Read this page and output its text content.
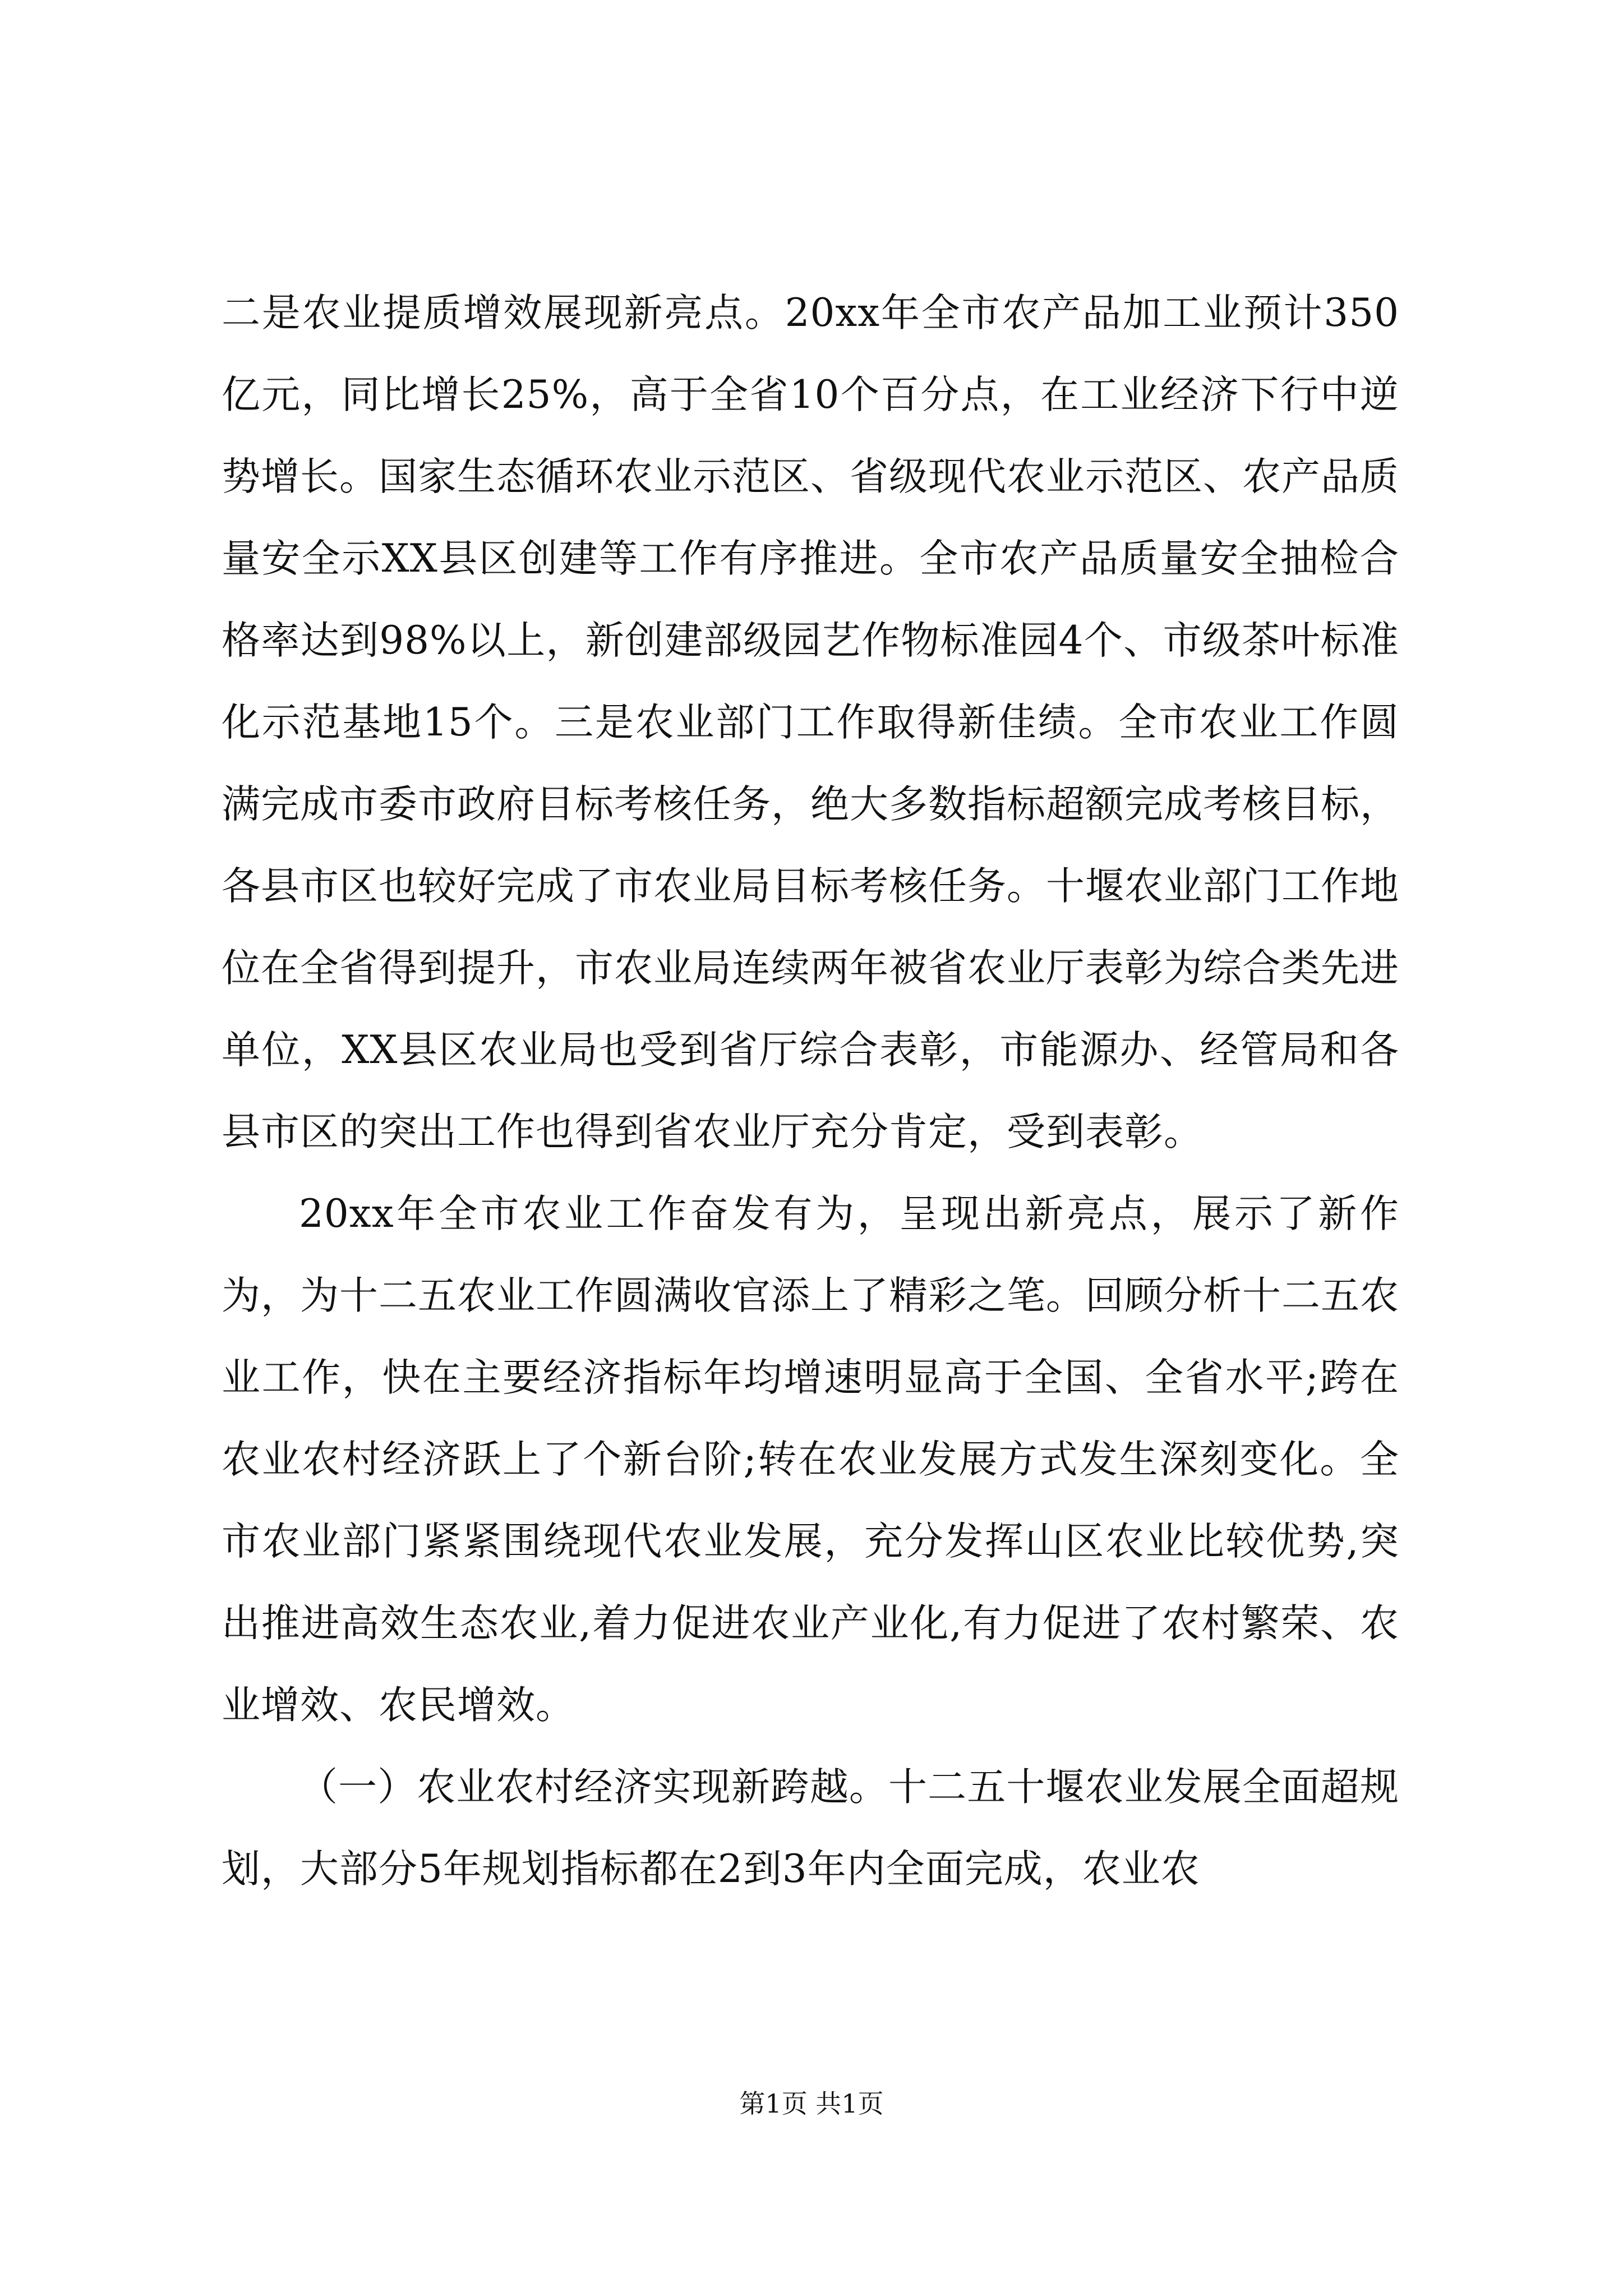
二是农业提质增效展现新亮点。20xx年全市农产品加工业预计350亿元，同比增长25%，高于全省10个百分点，在工业经济下行中逆势增长。国家生态循环农业示范区、省级现代农业示范区、农产品质量安全示XX县区创建等工作有序推进。全市农产品质量安全抽检合格率达到98%以上，新创建部级园艺作物标准园4个、市级茶叶标准化示范基地15个。三是农业部门工作取得新佳绩。全市农业工作圆满完成市委市政府目标考核任务，绝大多数指标超额完成考核目标，各县市区也较好完成了市农业局目标考核任务。十堰农业部门工作地位在全省得到提升，市农业局连续两年被省农业厅表彰为综合类先进单位，XX县区农业局也受到省厅综合表彰，市能源办、经管局和各县市区的突出工作也得到省农业厅充分肯定，受到表彰。

20xx年全市农业工作奋发有为，呈现出新亮点，展示了新作为，为十二五农业工作圆满收官添上了精彩之笔。回顾分析十二五农业工作，快在主要经济指标年均增速明显高于全国、全省水平;跨在农业农村经济跃上了个新台阶;转在农业发展方式发生深刻变化。全市农业部门紧紧围绕现代农业发展，充分发挥山区农业比较优势,突出推进高效生态农业,着力促进农业产业化,有力促进了农村繁荣、农业增效、农民增效。

（一）农业农村经济实现新跨越。十二五十堰农业发展全面超规划，大部分5年规划指标都在2到3年内全面完成，农业农

第1页 共1页
